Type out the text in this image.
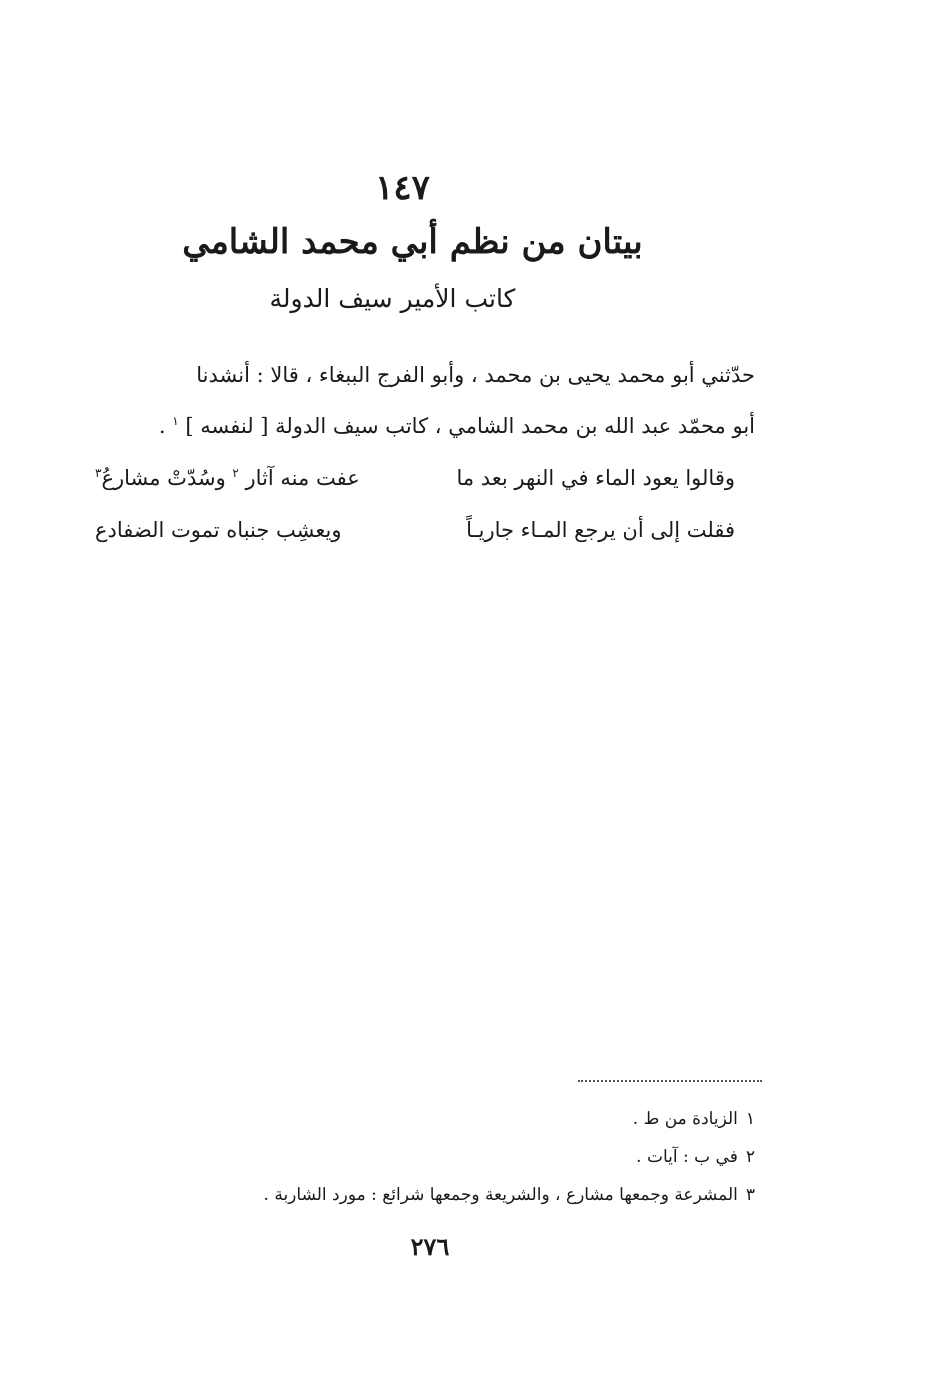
١٤٧
بيتان من نظم أبي محمد الشامي
كاتب الأمير سيف الدولة

حدّثني أبو محمد يحيى بن محمد ، وأبو الفرج الببغاء ، قالا : أنشدنا

أبو محمّد عبد الله بن محمد الشامي ، كاتب سيف الدولة [ لنفسه ] $^١$ .

وقالوا يعود الماء في النهر بعد ما
عفت منه آثار $^٢$ وسُدّتْ مشارعُ$^٣$
فقلت إلى أن يرجع المـاء جاريـاً
ويعشِب جنباه تموت الضفادع
١الزيادة من ط .
٢في ب : آيات .
٣المشرعة وجمعها مشارع ، والشريعة وجمعها شرائع : مورد الشاربة .
٢٧٦
